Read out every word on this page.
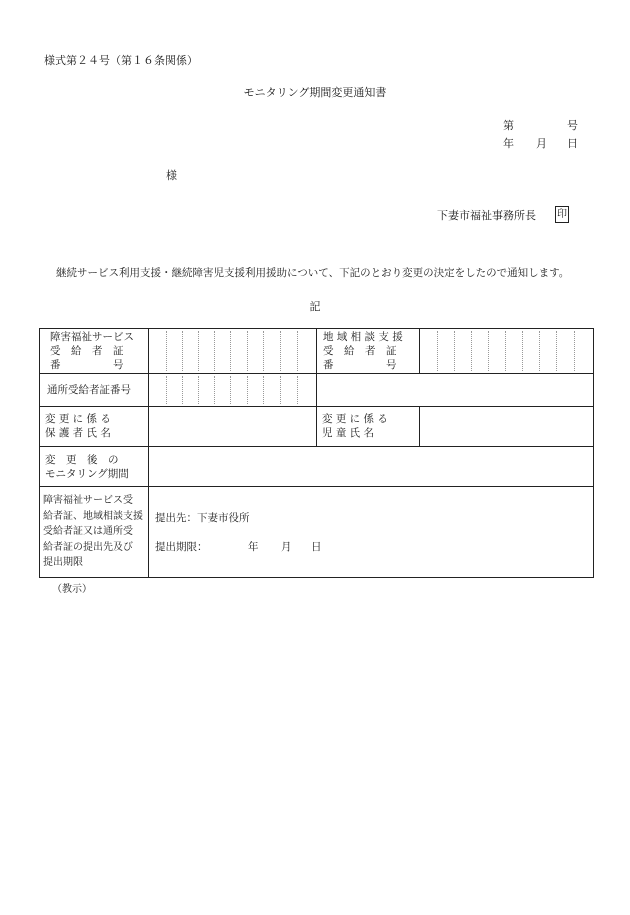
様式第２４号（第１６条関係）
モニタリング期間変更通知書
第	号
年 月 日
様
下妻市福祉事務所長 印
継続サービス利用支援・継続障害児支援利用援助について、下記のとおり変更の決定をしたので通知します。
記
障害福祉サービス
受　給　者　証
番　　　　　号
地 域 相 談 支 援
受　給　者　証
番　　　　　号
通所受給者証番号
変 更 に 係 る
保 護 者 氏 名
変 更 に 係 る
児 童 氏 名
変　更　後　の
モニタリング期間
障害福祉サービス受
給者証、地域相談支援
受給者証又は通所受
給者証の提出先及び
提出期限
提出先：下妻市役所
提出期限：	年 月 日
（教示）
